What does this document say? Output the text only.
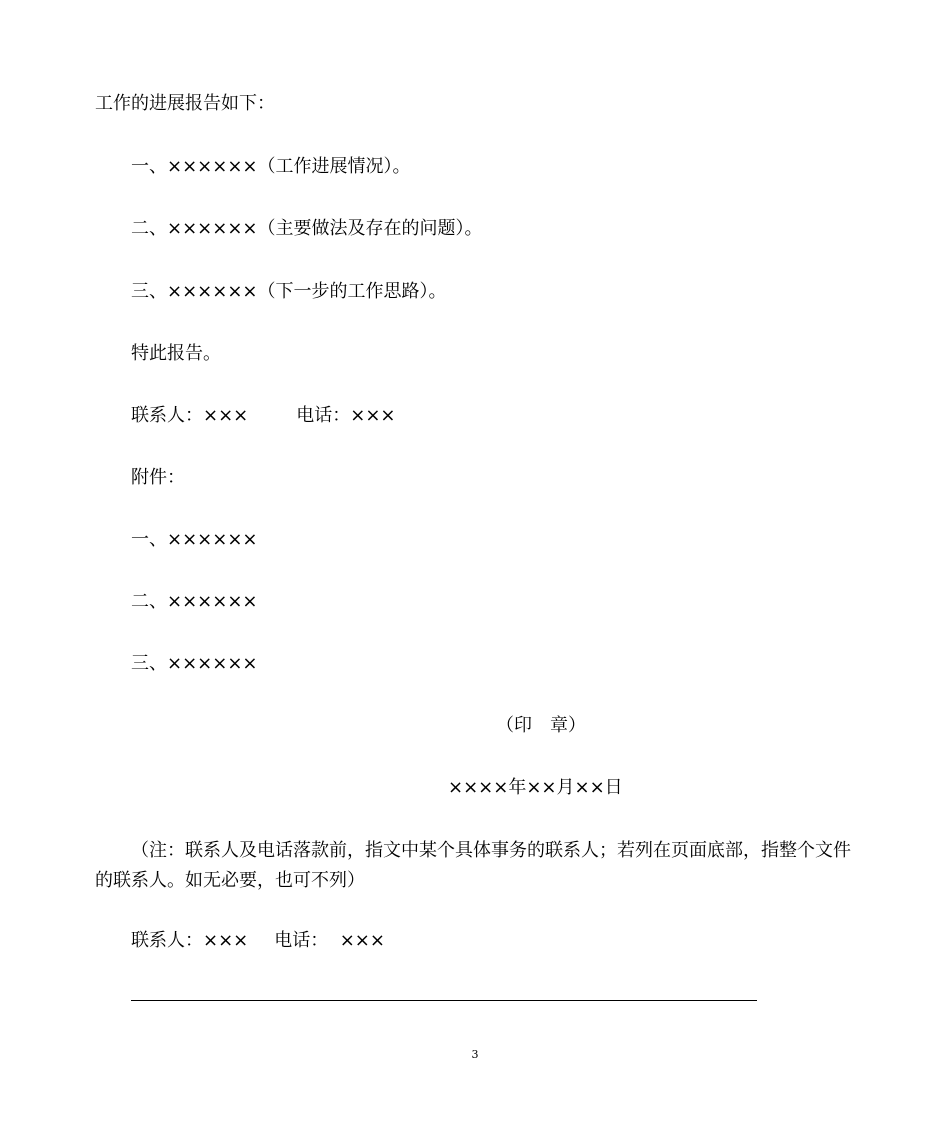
工作的进展报告如下：
一、××××××（工作进展情况）。
二、××××××（主要做法及存在的问题）。
三、××××××（下一步的工作思路）。
特此报告。
联系人：×××	电话：×××
附件：
一、××××××
二、××××××
三、××××××
（印　章）
××××年××月××日
（注：联系人及电话落款前，指文中某个具体事务的联系人；若列在页面底部，指整个文件的联系人。如无必要，也可不列）
联系人：××× 电话：  ×××
3
